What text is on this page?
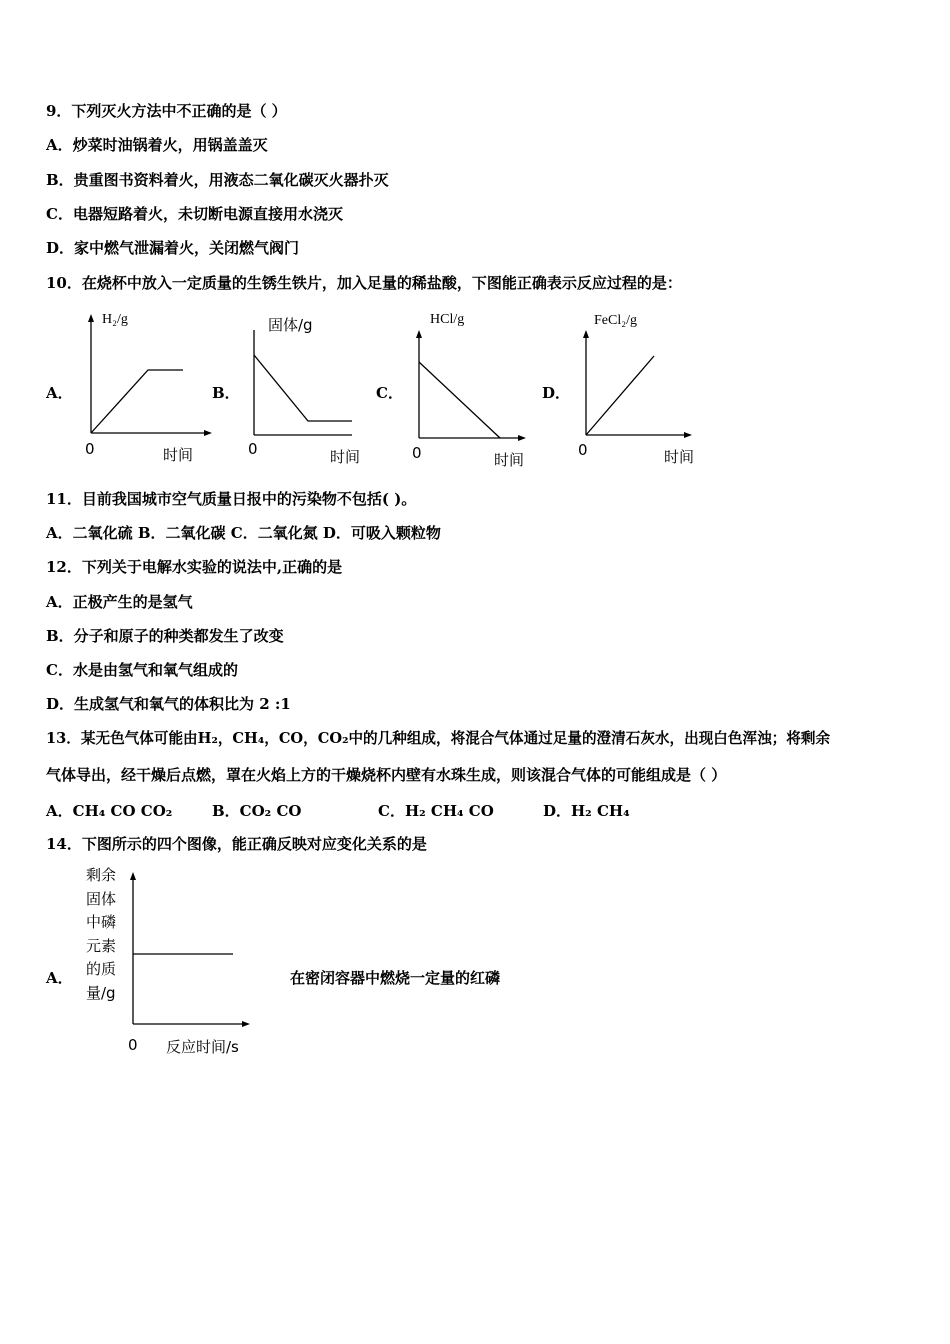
9．下列灭火方法中不正确的是（ ）
A．炒菜时油锅着火，用锅盖盖灭
B．贵重图书资料着火，用液态二氧化碳灭火器扑灭
C．电器短路着火，未切断电源直接用水浇灭
D．家中燃气泄漏着火，关闭燃气阀门
10．在烧杯中放入一定质量的生锈生铁片，加入足量的稀盐酸，下图能正确表示反应过程的是：
A．
H₂/g
0	时间
B．
固体/g
0	时间
C．
HCl/g
0	时间
D．
FeCl₂/g
0	时间
11．目前我国城市空气质量日报中的污染物不包括( )。
A．二氧化硫 B．二氧化碳 C．二氧化氮 D．可吸入颗粒物
12．下列关于电解水实验的说法中,正确的是
A．正极产生的是氢气
B．分子和原子的种类都发生了改变
C．水是由氢气和氧气组成的
D．生成氢气和氧气的体积比为 2 :1
13．某无色气体可能由H₂，CH₄，CO，CO₂中的几种组成，将混合气体通过足量的澄清石灰水，出现白色浑浊；将剩余
气体导出，经干燥后点燃，罩在火焰上方的干燥烧杯内壁有水珠生成，则该混合气体的可能组成是（ ）
A．CH₄ CO CO₂	B．CO₂ CO	C．H₂ CH₄ CO	D．H₂ CH₄
14．下图所示的四个图像，能正确反映对应变化关系的是
A．
剩余
固体
中磷
元素
的质
量/g
0 反应时间/s
在密闭容器中燃烧一定量的红磷
